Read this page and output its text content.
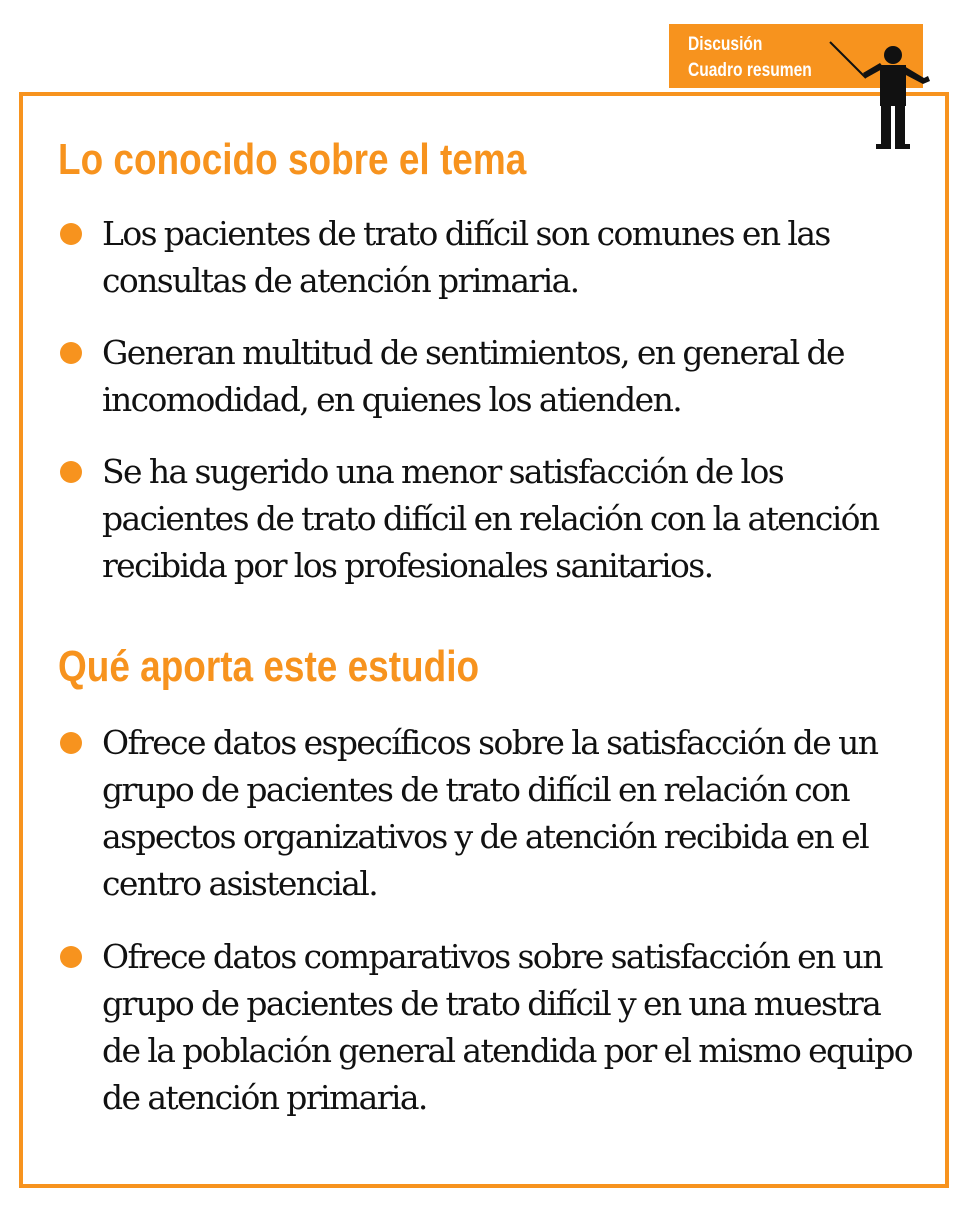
Discusión
Cuadro resumen
Lo conocido sobre el tema

Los pacientes de trato difícil son comunes en las consultas de atención primaria.

Generan multitud de sentimientos, en general de incomodidad, en quienes los atienden.

Se ha sugerido una menor satisfacción de los pacientes de trato difícil en relación con la atención recibida por los profesionales sanitarios.

Qué aporta este estudio

Ofrece datos específicos sobre la satisfacción de un grupo de pacientes de trato difícil en relación con aspectos organizativos y de atención recibida en el centro asistencial.

Ofrece datos comparativos sobre satisfacción en un grupo de pacientes de trato difícil y en una muestra de la población general atendida por el mismo equipo de atención primaria.
